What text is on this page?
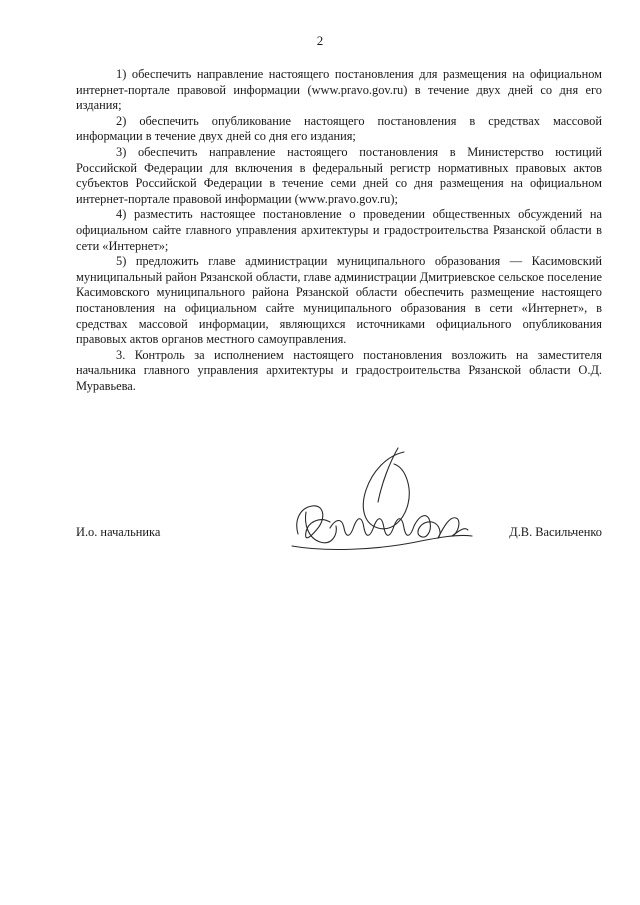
2

1) обеспечить направление настоящего постановления для размещения на официальном интернет-портале правовой информации (www.pravo.gov.ru) в течение двух дней со дня его издания;

2) обеспечить опубликование настоящего постановления в средствах массовой информации в течение двух дней со дня его издания;

3) обеспечить направление настоящего постановления в Министерство юстиций Российской Федерации для включения в федеральный регистр нормативных правовых актов субъектов Российской Федерации в течение семи дней со дня размещения на официальном интернет-портале правовой информации (www.pravo.gov.ru);

4) разместить настоящее постановление о проведении общественных обсуждений на официальном сайте главного управления архитектуры и градостроительства Рязанской области в сети «Интернет»;

5) предложить главе администрации муниципального образования — Касимовский муниципальный район Рязанской области, главе администрации Дмитриевское сельское поселение Касимовского муниципального района Рязанской области обеспечить размещение настоящего постановления на официальном сайте муниципального образования в сети «Интернет», в средствах массовой информации, являющихся источниками официального опубликования правовых актов органов местного самоуправления.

3. Контроль за исполнением настоящего постановления возложить на заместителя начальника главного управления архитектуры и градостроительства Рязанской области О.Д. Муравьева.

И.о. начальника	Д.В. Васильченко
